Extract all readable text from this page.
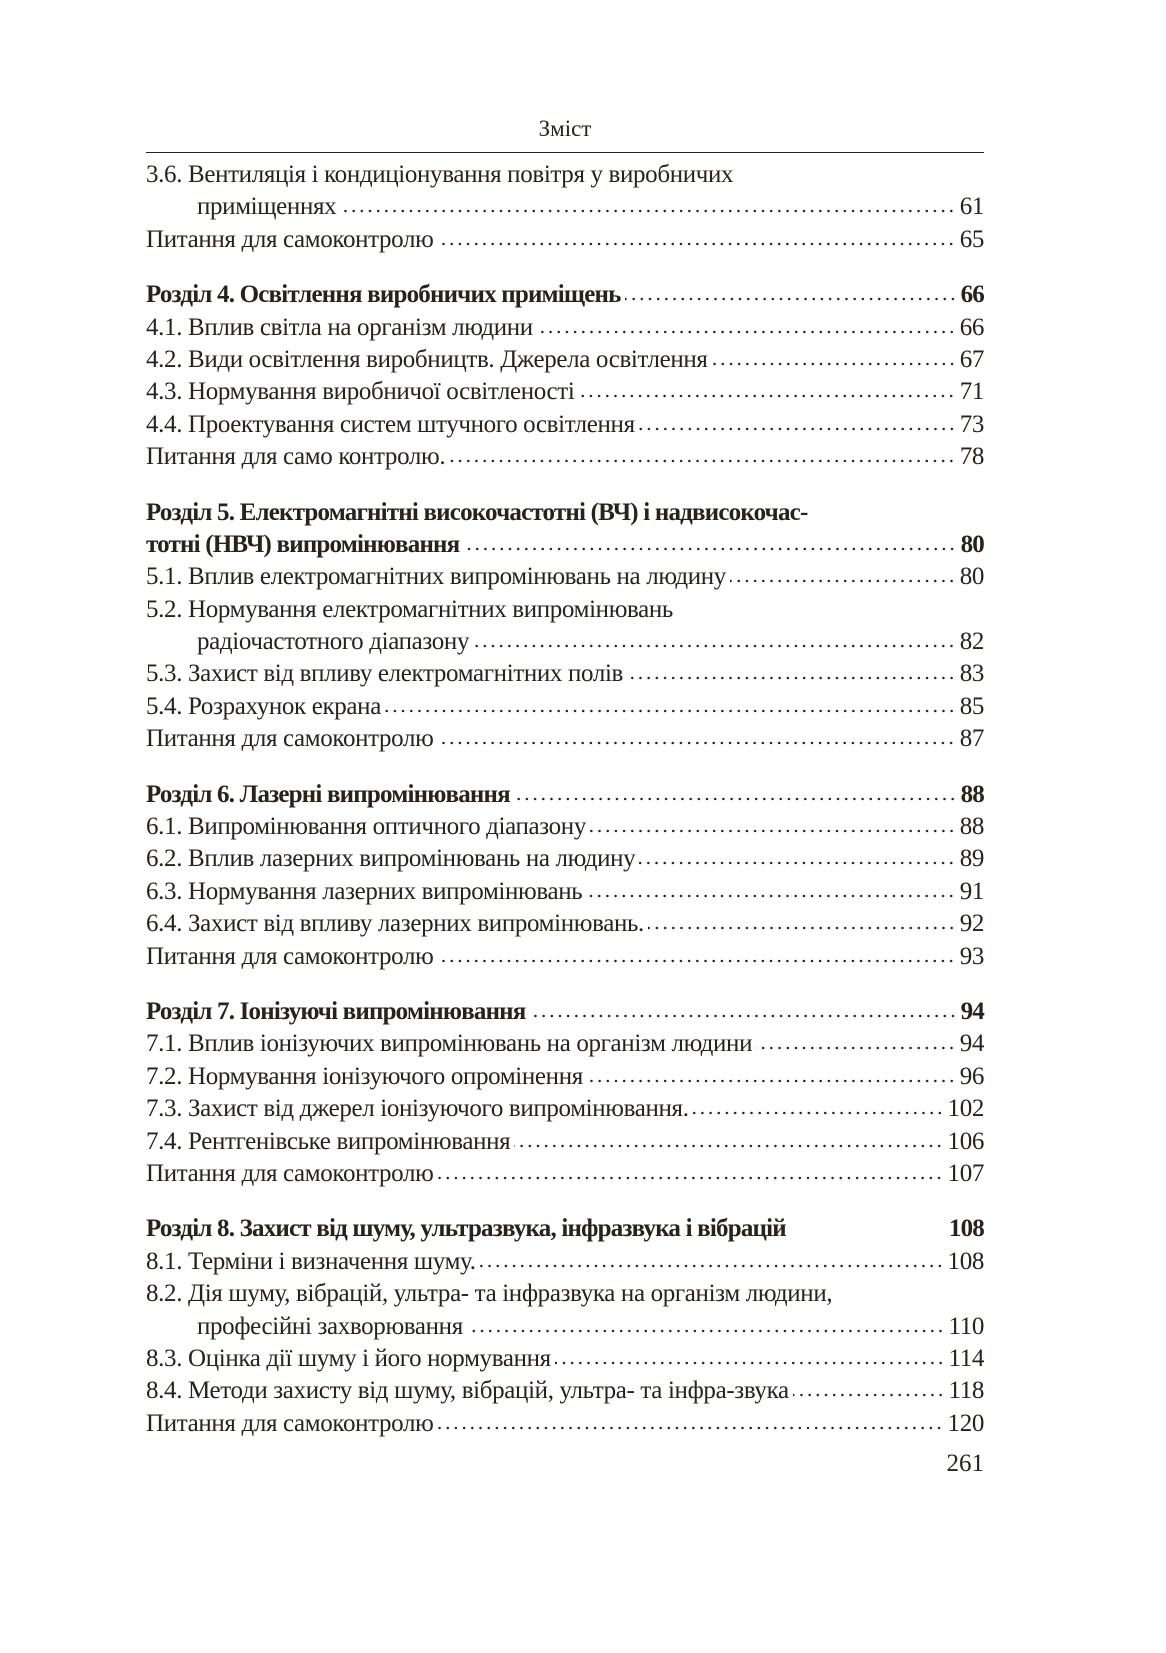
Зміст
3.6. Вентиляція і кондиціонування повітря у виробничих
приміщеннях	61
Питання для самоконтролю	65
Розділ 4. Освітлення виробничих приміщень	66
4.1. Вплив світла на організм людини	66
4.2. Види освітлення виробництв. Джерела освітлення	67
4.3. Нормування виробничої освітленості	71
4.4. Проектування систем штучного освітлення	73
Питання для само контролю.	78
Розділ 5. Електромагнітні високочастотні (ВЧ) і надвисокочас-
тотні (НВЧ) випромінювання	80
5.1. Вплив електромагнітних випромінювань на людину	80
5.2. Нормування електромагнітних випромінювань
радіочастотного діапазону	82
5.3. Захист від впливу електромагнітних полів	83
5.4. Розрахунок екрана	85
Питання для самоконтролю	87
Розділ 6. Лазерні випромінювання	88
6.1. Випромінювання оптичного діапазону	88
6.2. Вплив лазерних випромінювань на людину	89
6.3. Нормування лазерних випромінювань	91
6.4. Захист від впливу лазерних випромінювань.	92
Питання для самоконтролю	93
Розділ 7. Іонізуючі випромінювання	94
7.1. Вплив іонізуючих випромінювань на організм людини	94
7.2. Нормування іонізуючого опромінення	96
7.3. Захист від джерел іонізуючого випромінювання.	102
7.4. Рентгенівське випромінювання	106
Питання для самоконтролю	107
Розділ 8. Захист від шуму, ультразвука, інфразвука і вібрацій	108
8.1. Терміни і визначення шуму.	108
8.2. Дія шуму, вібрацій, ультра- та інфразвука на організм людини,
професійні захворювання	110
8.3. Оцінка дії шуму і його нормування	114
8.4. Методи захисту від шуму, вібрацій, ультра- та інфра-звука	118
Питання для самоконтролю	120
261
